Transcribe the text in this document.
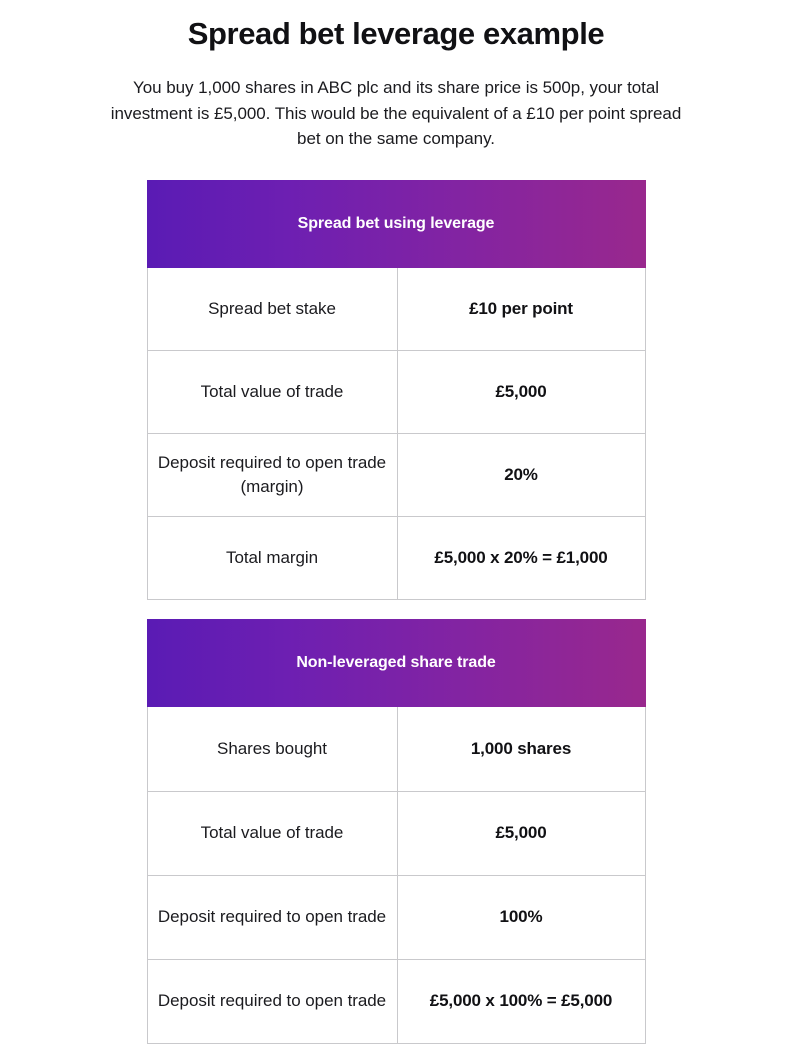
Spread bet leverage example

You buy 1,000 shares in ABC plc and its share price is 500p, your total investment is £5,000. This would be the equivalent of a £10 per point spread bet on the same company.

Spread bet using leverage
Spread bet stake	£10 per point
Total value of trade	£5,000
Deposit required to open trade (margin)	20%
Total margin	£5,000 x 20% = £1,000
Non-leveraged share trade
Shares bought	1,000 shares
Total value of trade	£5,000
Deposit required to open trade	100%
Deposit required to open trade	£5,000 x 100% = £5,000
